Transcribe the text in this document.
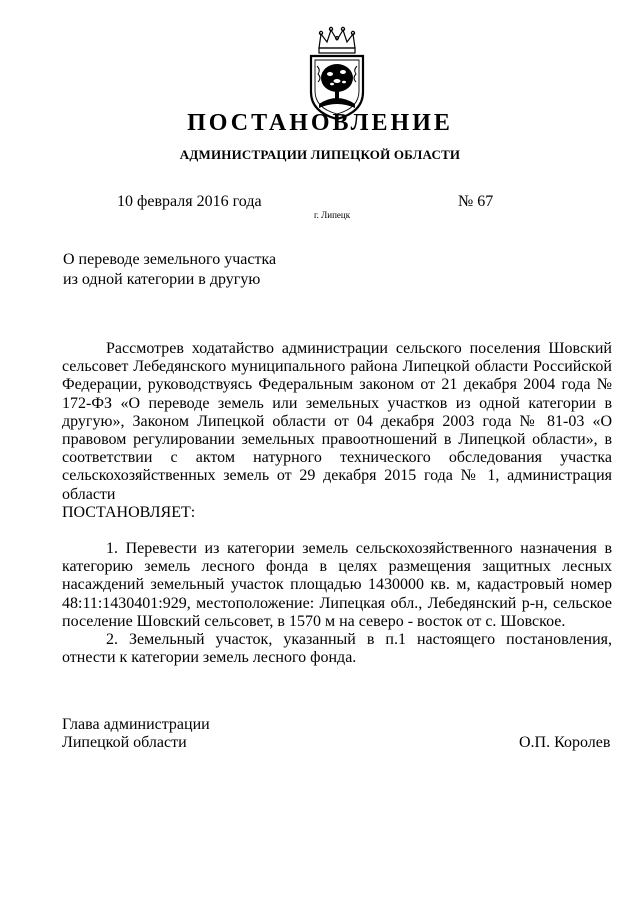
ПОСТАНОВЛЕНИЕ
АДМИНИСТРАЦИИ ЛИПЕЦКОЙ ОБЛАСТИ
10 февраля 2016 года
г. Липецк
№ 67
О переводе земельного участка
из одной категории в другую

Рассмотрев ходатайство администрации сельского поселения Шовский сельсовет Лебедянского муниципального района Липецкой области Российской Федерации, руководствуясь Федеральным законом от 21 декабря 2004 года № 172-ФЗ «О переводе земель или земельных участков из одной категории в другую», Законом Липецкой области от 04 декабря 2003 года № 81-03 «О правовом регулировании земельных правоотношений в Липецкой области», в соответствии с актом натурного технического обследования участка сельскохозяйственных земель от 29 декабря 2015 года № 1, администрация области

ПОСТАНОВЛЯЕТ:

1. Перевести из категории земель сельскохозяйственного назначения в категорию земель лесного фонда в целях размещения защитных лесных насаждений земельный участок площадью 1430000 кв. м, кадастровый номер 48:11:1430401:929, местоположение: Липецкая обл., Лебедянский р-н, сельское поселение Шовский сельсовет, в 1570 м на северо - восток от с. Шовское.

2. Земельный участок, указанный в п.1 настоящего постановления, отнести к категории земель лесного фонда.

Глава администрации
Липецкой области	О.П. Королев
